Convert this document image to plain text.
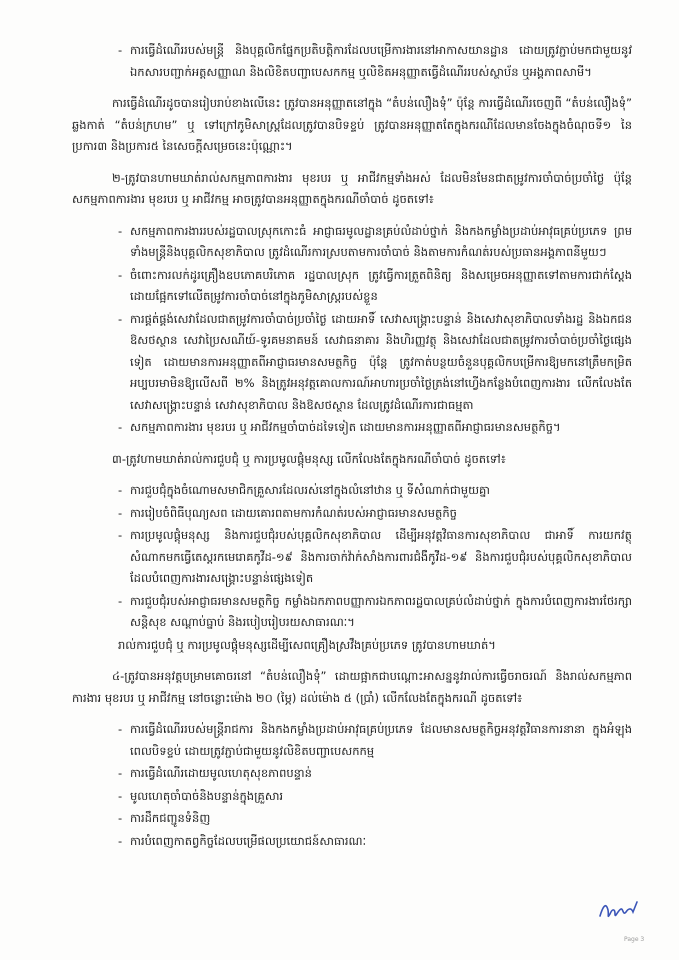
- ការធ្វើដំណើររបស់មន្ត្រី និងបុគ្គលិកផ្នែកប្រតិបត្តិការដែលបម្រើការងារនៅអាកាសយានដ្ឋាន ដោយត្រូវភ្ជាប់មកជាមួយនូវឯកសារបញ្ជាក់អត្តសញ្ញាណ និងលិខិតបញ្ជាបេសកកម្ម ឬលិខិតអនុញ្ញាតធ្វើដំណើររបស់ស្ថាប័ន ឬអង្គភាពសាមី។

ការធ្វើដំណើរដូចបានរៀបរាប់ខាងលើនេះ ត្រូវបានអនុញ្ញាតនៅក្នុង “តំបន់លឿងទុំ” ប៉ុន្តែ ការធ្វើដំណើរចេញពី “តំបន់លឿងទុំ” ឆ្លងកាត់ “តំបន់ក្រហម” ឬ ទៅក្រៅភូមិសាស្ត្រដែលត្រូវបានបិទខ្ទប់ ត្រូវបានអនុញ្ញាតតែក្នុងករណីដែលមានចែងក្នុងចំណុចទី១ នៃប្រការ៣ និងប្រការ៥ នៃសេចក្ដីសម្រេចនេះប៉ុណ្ណោះ។

២-ត្រូវបានហាមឃាត់រាល់សកម្មភាពការងារ មុខរបរ ឬ អាជីវកម្មទាំងអស់ ដែលមិនមែនជាតម្រូវការចាំបាច់ប្រចាំថ្ងៃ ប៉ុន្តែ សកម្មភាពការងារ មុខរបរ ឬ អាជីវកម្ម អាចត្រូវបានអនុញ្ញាតក្នុងករណីចាំបាច់ ដូចតទៅ៖

- សកម្មភាពការងាររបស់រដ្ឋបាលស្រុកកោះធំ អាជ្ញាធរមូលដ្ឋានគ្រប់លំដាប់ថ្នាក់ និងកងកម្លាំងប្រដាប់អាវុធគ្រប់ប្រភេទ ព្រមទាំងមន្ត្រីនិងបុគ្គលិកសុខាភិបាល ត្រូវដំណើរការស្របតាមការចាំបាច់ និងតាមការកំណត់របស់ប្រធានអង្គភាពនីមួយៗ
- ចំពោះការលក់ដូរគ្រឿងឧបភោគបរិភោគ រដ្ឋបាលស្រុក ត្រូវធ្វើការត្រួតពិនិត្យ និងសម្រេចអនុញ្ញាតទៅតាមការជាក់ស្ដែង ដោយផ្អែកទៅលើតម្រូវការចាំបាច់នៅក្នុងភូមិសាស្ត្ររបស់ខ្លួន
- ការផ្គត់ផ្គង់សេវាដែលជាតម្រូវការចាំបាច់ប្រចាំថ្ងៃ ដោយអាទិ៍ សេវាសង្គ្រោះបន្ទាន់ និងសេវាសុខាភិបាលទាំងរដ្ឋ និងឯកជន ឱសថស្ថាន សេវាប្រៃសណីយ៍-ទូរគមនាគមន៍ សេវាធនាគារ និងហិរញ្ញវត្ថុ និងសេវាដែលជាតម្រូវការចាំបាច់ប្រចាំថ្ងៃផ្សេងទៀត ដោយមានការអនុញ្ញាតពីអាជ្ញាធរមានសមត្ថកិច្ច ប៉ុន្តែ ត្រូវកាត់បន្ថយចំនួនបុគ្គលិកបម្រើការឱ្យមកនៅត្រឹមកម្រិតអប្បបរមាមិនឱ្យលើសពី ២% និងត្រូវអនុវត្តគោលការណ៍អាហារប្រចាំថ្ងៃត្រង់នៅហ្វើងកន្លែងបំពេញការងារ លើកលែងតែសេវាសង្គ្រោះបន្ទាន់ សេវាសុខាភិបាល និងឱសថស្ថាន ដែលត្រូវដំណើរការជាធម្មតា
- សកម្មភាពការងារ មុខរបរ ឬ អាជីវកម្មចាំបាច់ដទៃទៀត ដោយមានការអនុញ្ញាតពីអាជ្ញាធរមានសមត្ថកិច្ច។

៣-ត្រូវហាមឃាត់រាល់ការជួបជុំ ឬ ការប្រមូលផ្ដុំមនុស្ស លើកលែងតែក្នុងករណីចាំបាច់ ដូចតទៅ៖

- ការជួបជុំក្នុងចំណោមសមាជិកគ្រួសារដែលរស់នៅក្នុងលំនៅឋាន ឬ ទីសំណាក់ជាមួយគ្នា
- ការរៀបចំពិធីបុណ្យសព ដោយគោរពតាមការកំណត់របស់អាជ្ញាធរមានសមត្ថកិច្ច
- ការប្រមូលផ្ដុំមនុស្ស និងការជួបជុំរបស់បុគ្គលិកសុខាភិបាល ដើម្បីអនុវត្តវិធានការសុខាភិបាល ជាអាទិ៍ ការយកវត្ថុសំណាកមកធ្វើតេស្តរកមេរោគកូវីដ-១៩ និងការចាក់វ៉ាក់សាំងការពារជំងឺកូវីដ-១៩ និងការជួបជុំរបស់បុគ្គលិកសុខាភិបាលដែលបំពេញការងារសង្គ្រោះបន្ទាន់ផ្សេងទៀត
- ការជួបជុំរបស់អាជ្ញាធរមានសមត្ថកិច្ច កម្លាំងឯកភាពបញ្ញាការឯកភាពរដ្ឋបាលគ្រប់លំដាប់ថ្នាក់ ក្នុងការបំពេញការងារថែរក្សាសន្តិសុខ សណ្ដាប់ធ្នាប់ និងរបៀបរៀបរយសាធារណៈ។

រាល់ការជួបជុំ ឬ ការប្រមូលផ្ដុំមនុស្សដើម្បីសេពគ្រឿងស្រវឹងគ្រប់ប្រភេទ ត្រូវបានហាមឃាត់។

៤-ត្រូវបានអនុវត្តបម្រាមគោចរនៅ “តំបន់លឿងទុំ” ដោយផ្អាកជាបណ្ដោះអាសន្ននូវរាល់ការធ្វើចរាចរណ៍ និងរាល់សកម្មភាពការងារ មុខរបរ ឬ អាជីវកម្ម នៅចន្លោះម៉ោង ២០ (ម្ភៃ) ដល់ម៉ោង ៥ (ប្រាំ) លើកលែងតែក្នុងករណី ដូចតទៅ៖

- ការធ្វើដំណើររបស់មន្ត្រីរាជការ និងកងកម្លាំងប្រដាប់អាវុធគ្រប់ប្រភេទ ដែលមានសមត្ថកិច្ចអនុវត្តវិធានការនានា ក្នុងអំឡុងពេលបិទខ្ទប់ ដោយត្រូវភ្ជាប់ជាមួយនូវលិខិតបញ្ជាបេសកកម្ម
- ការធ្វើដំណើរដោយមូលហេតុសុខភាពបន្ទាន់
- មូលហេតុចាំបាច់និងបន្ទាន់ក្នុងគ្រួសារ
- ការដឹកជញ្ជូនទំនិញ
- ការបំពេញកាតព្វកិច្ចដែលបម្រើផលប្រយោជន៍សាធារណៈ
Page 3
